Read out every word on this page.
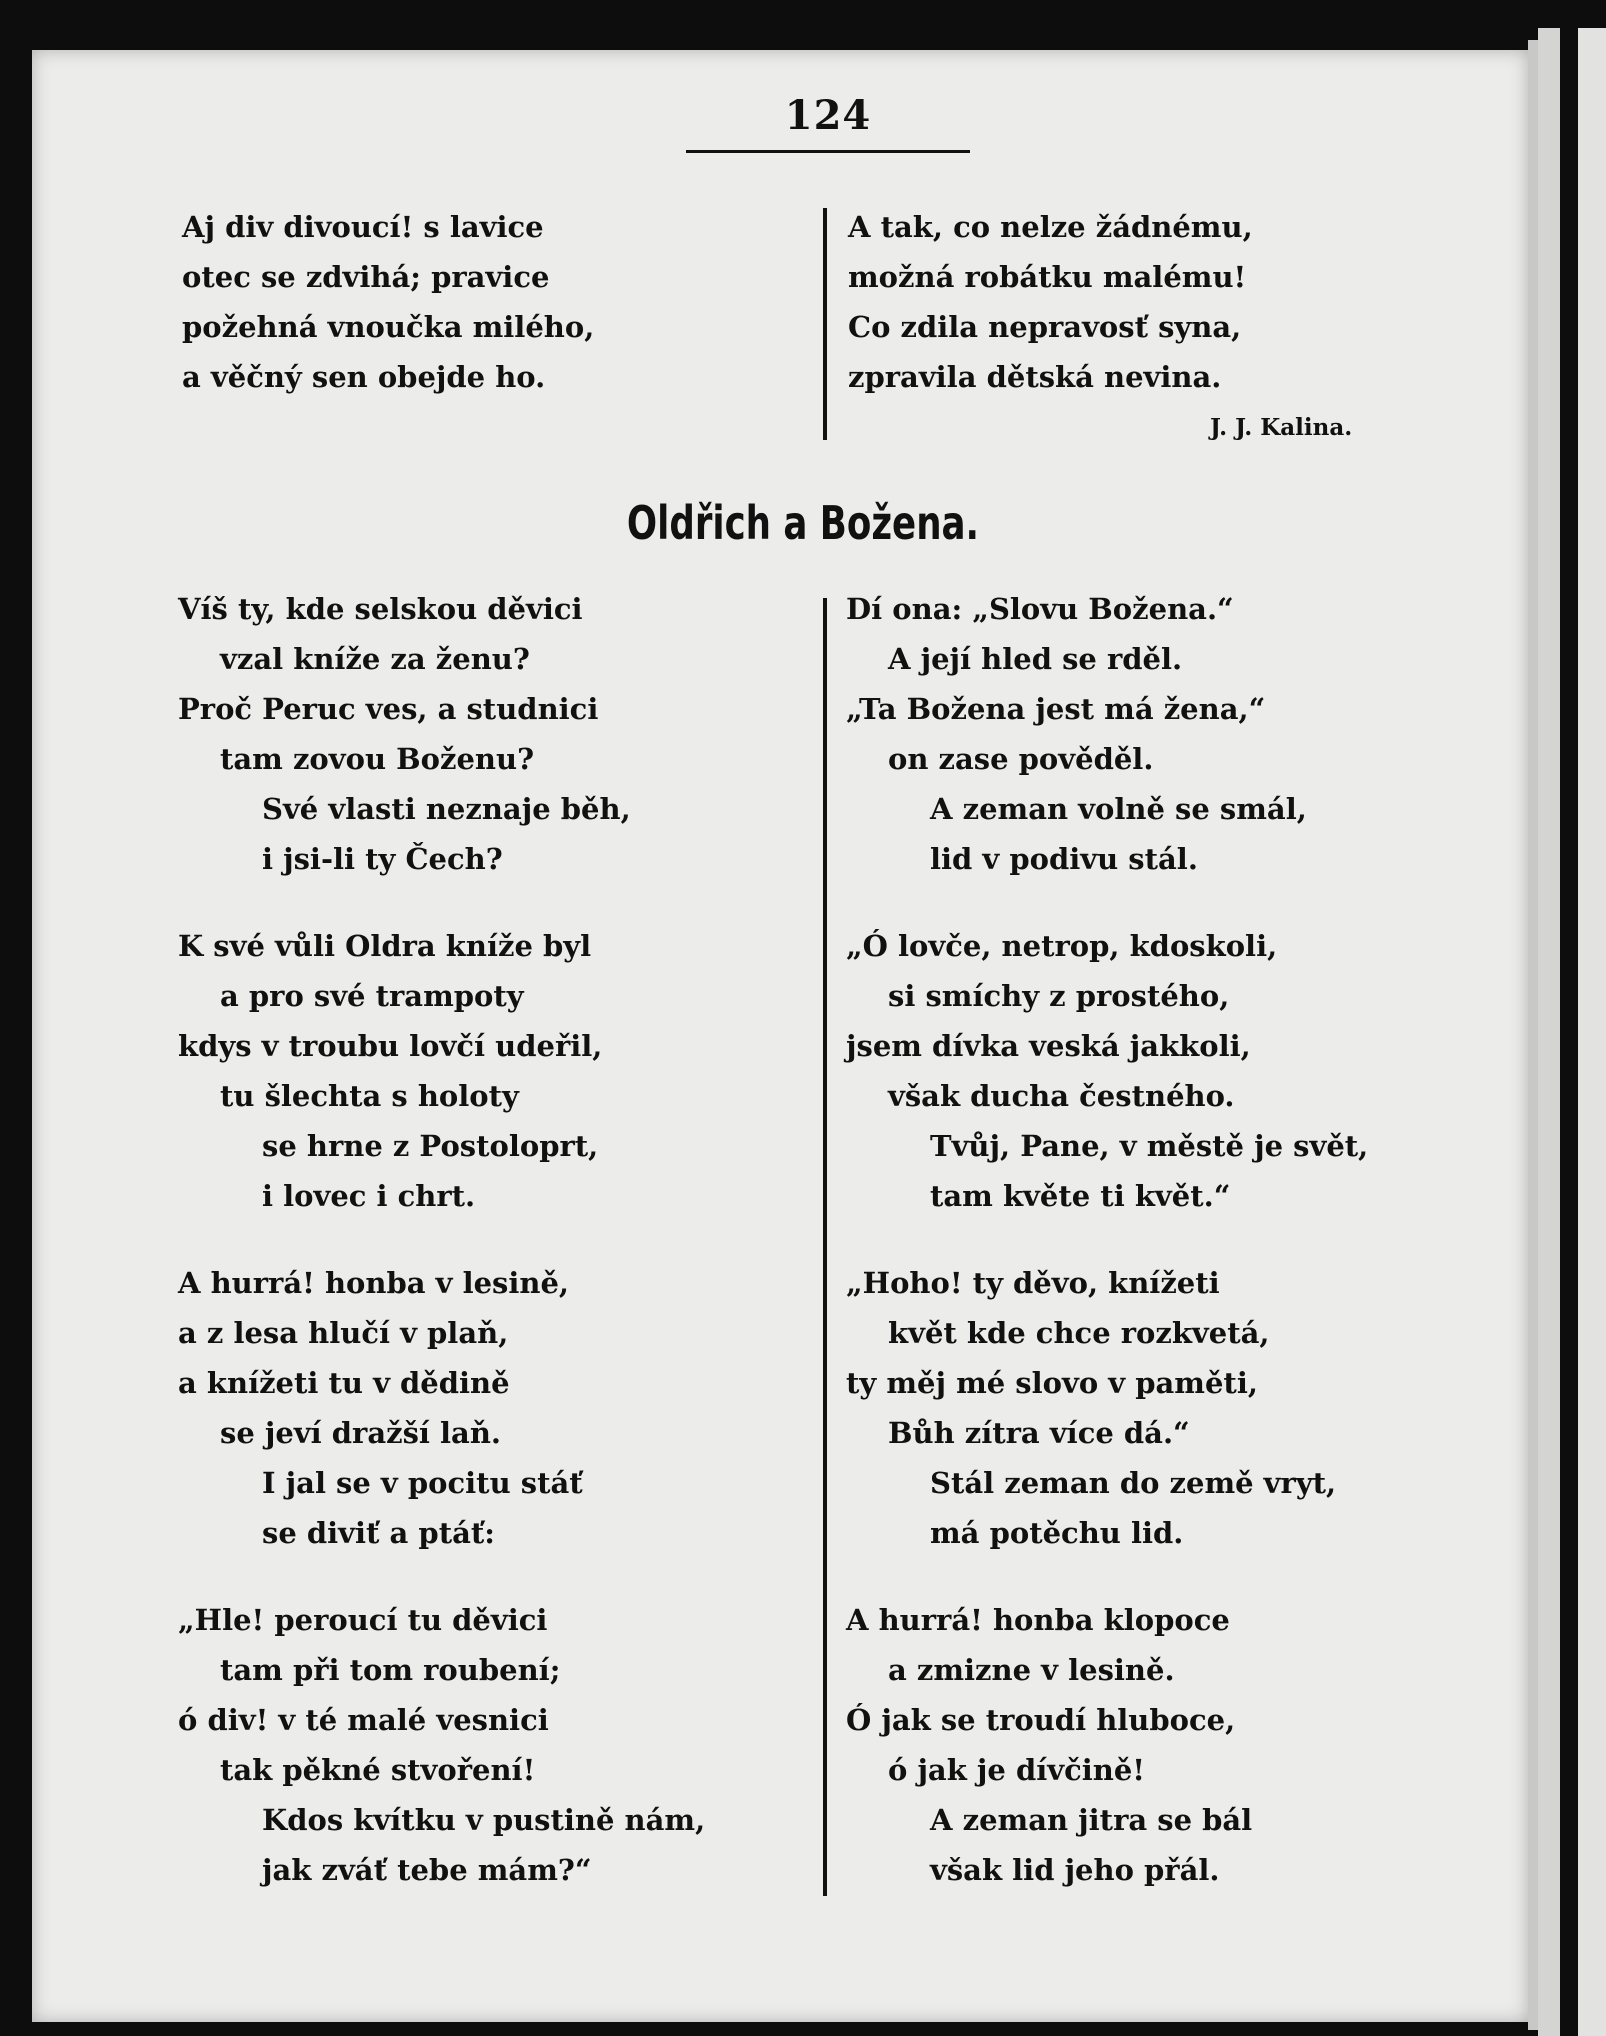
124
Aj div divoucí! s lavice
otec se zdvihá; pravice
požehná vnoučka milého,
a věčný sen obejde ho.
A tak, co nelze žádnému,
možná robátku malému!
Co zdila nepravosť syna,
zpravila dětská nevina.
J. J. Kalina.
Oldřich a Božena.
Víš ty, kde selskou děvici
vzal kníže za ženu?
Proč Peruc ves, a studnici
tam zovou Boženu?
Své vlasti neznaje běh,
i jsi-li ty Čech?
K své vůli Oldra kníže byl
a pro své trampoty
kdys v troubu lovčí udeřil,
tu šlechta s holoty
se hrne z Postoloprt,
i lovec i chrt.
A hurrá! honba v lesině,
a z lesa hlučí v plaň,
a knížeti tu v dědině
se jeví dražší laň.
I jal se v pocitu stáť
se diviť a ptáť:
„Hle! peroucí tu děvici
tam při tom roubení;
ó div! v té malé vesnici
tak pěkné stvoření!
Kdos kvítku v pustině nám,
jak zváť tebe mám?“
Dí ona: „Slovu Božena.“
A její hled se rděl.
„Ta Božena jest má žena,“
on zase pověděl.
A zeman volně se smál,
lid v podivu stál.
„Ó lovče, netrop, kdoskoli,
si smíchy z prostého,
jsem dívka veská jakkoli,
však ducha čestného.
Tvůj, Pane, v městě je svět,
tam květe ti květ.“
„Hoho! ty děvo, knížeti
květ kde chce rozkvetá,
ty měj mé slovo v paměti,
Bůh zítra více dá.“
Stál zeman do země vryt,
má potěchu lid.
A hurrá! honba klopoce
a zmizne v lesině.
Ó jak se troudí hluboce,
ó jak je dívčině!
A zeman jitra se bál
však lid jeho přál.
